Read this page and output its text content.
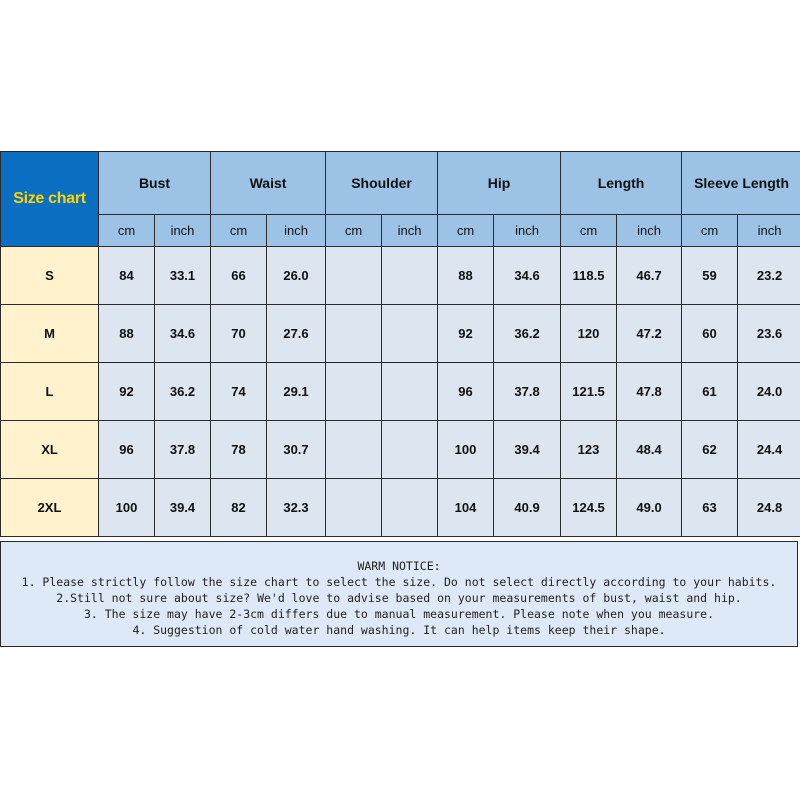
Size chart	Bust		Waist		Shoulder		Hip		Length		Sleeve Length	
	cm	inch	cm	inch	cm	inch	cm	inch	cm	inch	cm	inch
S	84	33.1	66	26.0			88	34.6	118.5	46.7	59	23.2
M	88	34.6	70	27.6			92	36.2	120	47.2	60	23.6
L	92	36.2	74	29.1			96	37.8	121.5	47.8	61	24.0
XL	96	37.8	78	30.7			100	39.4	123	48.4	62	24.4
2XL	100	39.4	82	32.3			104	40.9	124.5	49.0	63	24.8
WARM NOTICE:
1. Please strictly follow the size chart to select the size. Do not select directly according to your habits.
2.Still not sure about size? We'd love to advise based on your measurements of bust, waist and hip.
3. The size may have 2-3cm differs due to manual measurement. Please note when you measure.
4. Suggestion of cold water hand washing. It can help items keep their shape.
